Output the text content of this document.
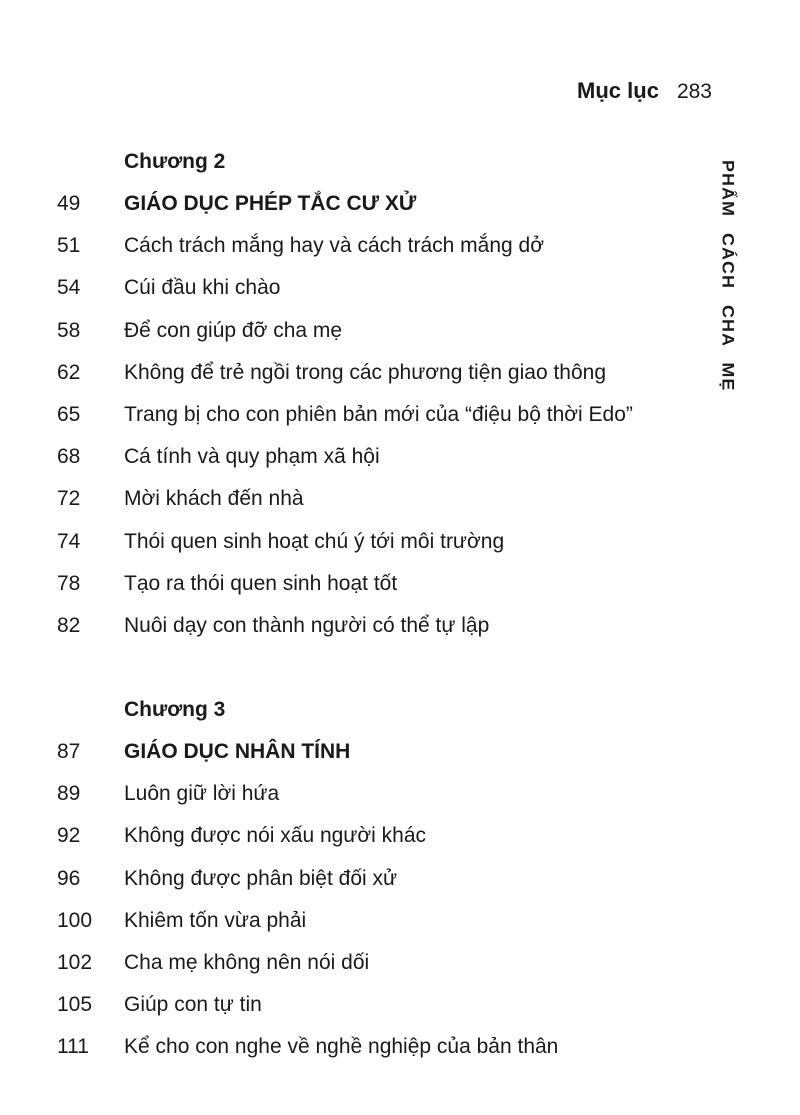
Mục lục 283
PHẨM CÁCH CHA MẸ
Chương 2
49 GIÁO DỤC PHÉP TẮC CƯ XỬ
51 Cách trách mắng hay và cách trách mắng dở
54 Cúi đầu khi chào
58 Để con giúp đỡ cha mẹ
62 Không để trẻ ngồi trong các phương tiện giao thông
65 Trang bị cho con phiên bản mới của “điệu bộ thời Edo”
68 Cá tính và quy phạm xã hội
72 Mời khách đến nhà
74 Thói quen sinh hoạt chú ý tới môi trường
78 Tạo ra thói quen sinh hoạt tốt
82 Nuôi dạy con thành người có thể tự lập
Chương 3
87 GIÁO DỤC NHÂN TÍNH
89 Luôn giữ lời hứa
92 Không được nói xấu người khác
96 Không được phân biệt đối xử
100 Khiêm tốn vừa phải
102 Cha mẹ không nên nói dối
105 Giúp con tự tin
111 Kể cho con nghe về nghề nghiệp của bản thân
